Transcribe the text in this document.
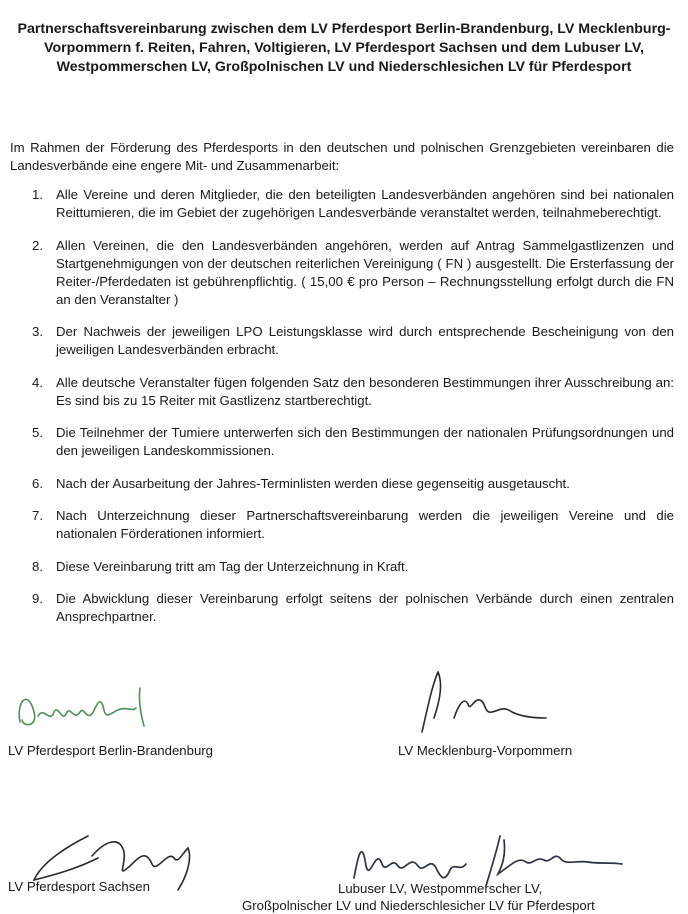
Partnerschaftsvereinbarung zwischen dem LV Pferdesport Berlin-Brandenburg, LV Mecklenburg-Vorpommern f. Reiten, Fahren, Voltigieren, LV Pferdesport Sachsen und dem Lubuser LV, Westpommerschen LV, Großpolnischen LV und Niederschlesichen LV für Pferdesport

Im Rahmen der Förderung des Pferdesports in den deutschen und polnischen Grenzgebieten vereinbaren die Landesverbände eine engere Mit- und Zusammenarbeit:

1. Alle Vereine und deren Mitglieder, die den beteiligten Landesverbänden angehören sind bei nationalen Reittumieren, die im Gebiet der zugehörigen Landesverbände veranstaltet werden, teilnahmeberechtigt.
2. Allen Vereinen, die den Landesverbänden angehören, werden auf Antrag Sammelgastlizenzen und Startgenehmigungen von der deutschen reiterlichen Vereinigung ( FN ) ausgestellt. Die Ersterfassung der Reiter-/Pferdedaten ist gebührenpflichtig. ( 15,00 € pro Person – Rechnungsstellung erfolgt durch die FN an den Veranstalter )
3. Der Nachweis der jeweiligen LPO Leistungsklasse wird durch entsprechende Bescheinigung von den jeweiligen Landesverbänden erbracht.
4. Alle deutsche Veranstalter fügen folgenden Satz den besonderen Bestimmungen ihrer Ausschreibung an: Es sind bis zu 15 Reiter mit Gastlizenz startberechtigt.
5. Die Teilnehmer der Tumiere unterwerfen sich den Bestimmungen der nationalen Prüfungsordnungen und den jeweiligen Landeskommissionen.
6. Nach der Ausarbeitung der Jahres-Terminlisten werden diese gegenseitig ausgetauscht.
7. Nach Unterzeichnung dieser Partnerschaftsvereinbarung werden die jeweiligen Vereine und die nationalen Förderationen informiert.
8. Diese Vereinbarung tritt am Tag der Unterzeichnung in Kraft.
9. Die Abwicklung dieser Vereinbarung erfolgt seitens der polnischen Verbände durch einen zentralen Ansprechpartner.
LV Pferdesport Berlin-Brandenburg	LV Mecklenburg-Vorpommern
LV Pferdesport Sachsen	Lubuser LV, Westpommerscher LV,
Großpolnischer LV und Niederschlesicher LV für Pferdesport
